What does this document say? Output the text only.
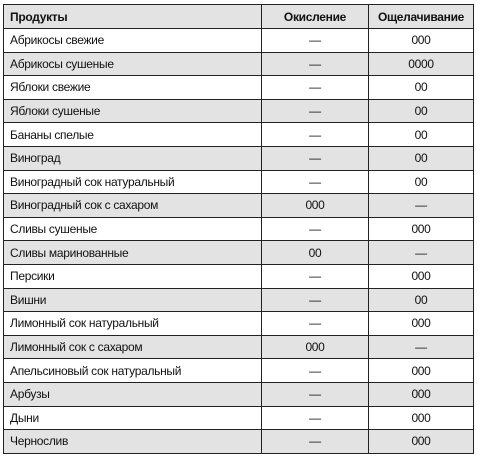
Продукты	Окисление	Ощелачивание
Абрикосы свежие	—	000
Абрикосы сушеные	—	0000
Яблоки свежие	—	00
Яблоки сушеные	—	00
Бананы спелые	—	00
Виноград	—	00
Виноградный сок натуральный	—	00
Виноградный сок с сахаром	000	—
Сливы сушеные	—	000
Сливы маринованные	00	—
Персики	—	000
Вишни	—	00
Лимонный сок натуральный	—	000
Лимонный сок с сахаром	000	—
Апельсиновый сок натуральный	—	000
Арбузы	—	000
Дыни	—	000
Чернослив	—	000
